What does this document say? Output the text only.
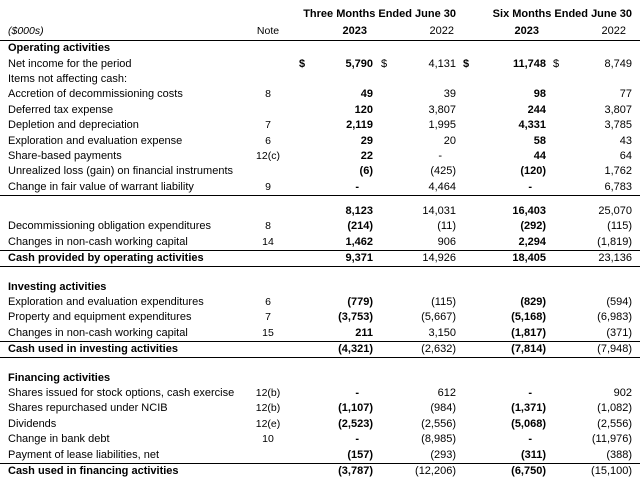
	Three Months Ended June 30			Six Months Ended June 30	
($000s)	Note	2023	2022	2023	2022
Operating activities					
Net income for the period		$ 5,790	$ 4,131	$ 11,748	$ 8,749
Items not affecting cash:					
Accretion of decommissioning costs	8	49	39	98	77
Deferred tax expense		120	3,807	244	3,807
Depletion and depreciation	7	2,119	1,995	4,331	3,785
Exploration and evaluation expense	6	29	20	58	43
Share-based payments	12(c)	22	-	44	64
Unrealized loss (gain) on financial instruments		(6)	(425)	(120)	1,762
Change in fair value of warrant liability	9	-	4,464	-	6,783

		8,123	14,031	16,403	25,070
Decommissioning obligation expenditures	8	(214)	(11)	(292)	(115)
Changes in non-cash working capital	14	1,462	906	2,294	(1,819)
Cash provided by operating activities		9,371	14,926	18,405	23,136

Investing activities					
Exploration and evaluation expenditures	6	(779)	(115)	(829)	(594)
Property and equipment expenditures	7	(3,753)	(5,667)	(5,168)	(6,983)
Changes in non-cash working capital	15	211	3,150	(1,817)	(371)
Cash used in investing activities		(4,321)	(2,632)	(7,814)	(7,948)

Financing activities					
Shares issued for stock options, cash exercise	12(b)	-	612	-	902
Shares repurchased under NCIB	12(b)	(1,107)	(984)	(1,371)	(1,082)
Dividends	12(e)	(2,523)	(2,556)	(5,068)	(2,556)
Change in bank debt	10	-	(8,985)	-	(11,976)
Payment of lease liabilities, net		(157)	(293)	(311)	(388)
Cash used in financing activities		(3,787)	(12,206)	(6,750)	(15,100)
